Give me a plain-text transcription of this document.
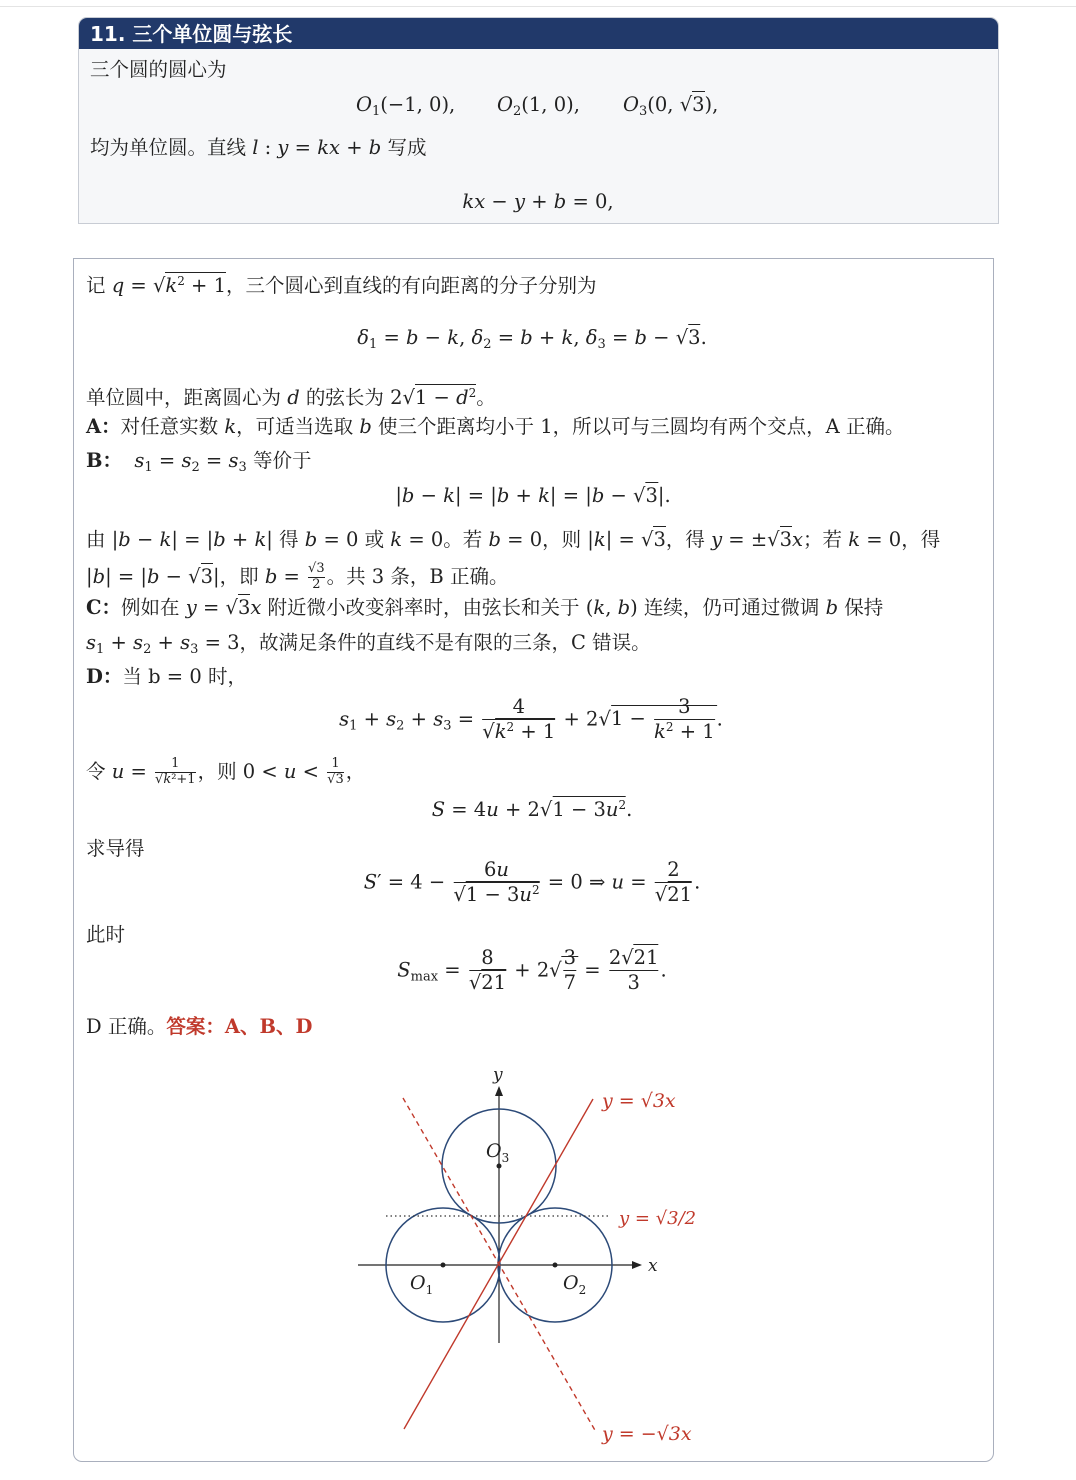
11. 三个单位圆与弦长
三个圆的圆心为
$O_1(-1$, 0), $O_2(1$, 0), $O_3(0$, √3),
均为单位圆。直线 l : y = kx + b 写成
kx − y + b = 0,
记 $q = √k^2 + 1$，三个圆心到直线的有向距离的分子分别为
$\delta_1 = b - k$, $\delta_2 = b + k$, $\delta_3 = b - √3$.
单位圆中，距离圆心为 d 的弦长为 $2√1 - d^2$。
A：对任意实数 k，可适当选取 b 使三个距离均小于 1，所以可与三圆均有两个交点，A 正确。
B： $s_1 = s_2 = s_3$ 等价于
|b − k| = |b + k| = |b − √3|.
由 |b − k| = |b + k| 得 b = 0 或 k = 0。若 b = 0，则 |k| = √3，得 y = ±√3x；若 k = 0，得
|b| = |b − √3|，即 $b = \frac{√3}{2}$ 。共 3 条，B 正确。
C：例如在 y = √3x 附近微小改变斜率时，由弦长和关于 (k, b) 连续，仍可通过微调 b 保持
$s_1 + s_2 + s_3 = 3$，故满足条件的直线不是有限的三条，C 错误。
D：当 b = 0 时，
$s_1 + s_2 + s_3 = \frac{4}{√k^2 + 1} + 2√1 - \frac{3}{k^2 + 1}$ .
令 $u = \frac{1}{\text{√k²+1}}$ ，则 $0 < u < \frac{1}{√3}$ ，
$S = 4u + 2√1 - 3u^2$.
求导得
$S' = 4 - \frac{6u}{√1 - 3u^2} = 0$ ⇒ $u = \frac{2}{√21}$ .
此时
$S_{max} = \frac{8}{√21} + 2√ \frac{3}{7} = \frac{2√21}{3}$ .
D 正确。答案：A、B、D
x
y
$O_1$	$O_2$
$O_3$
y = √3x
y = √3/2
y = −√3x
